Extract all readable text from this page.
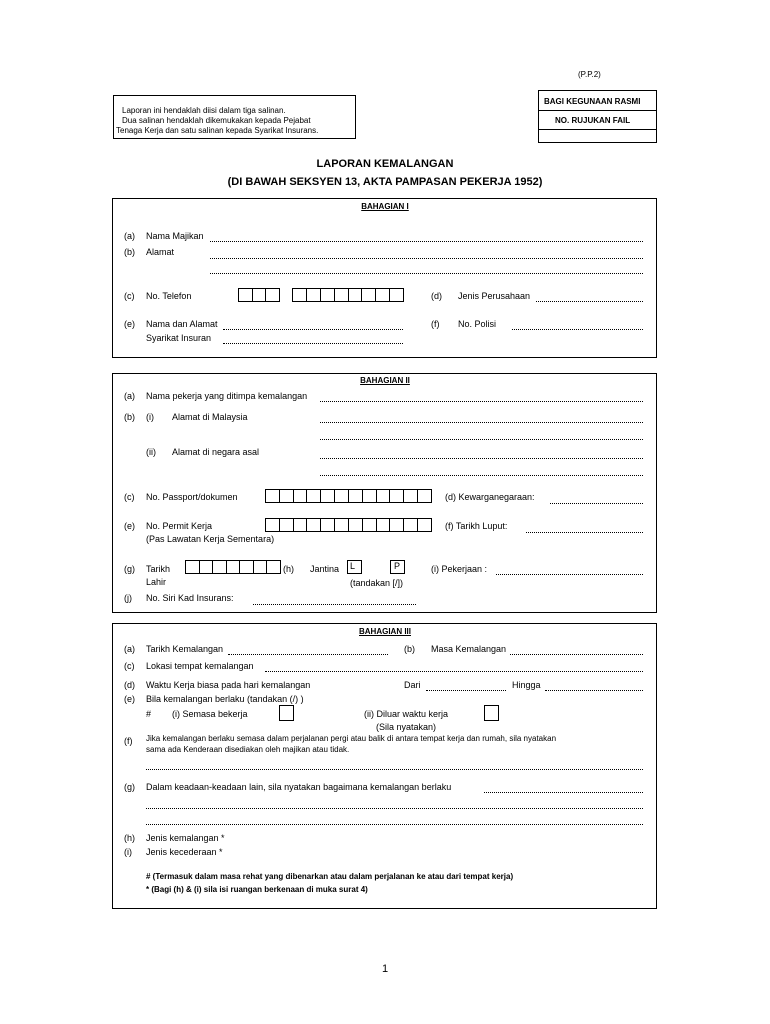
(P.P.2)
Laporan ini hendaklah diisi dalam tiga salinan.
Dua salinan hendaklah dikemukakan kepada Pejabat
Tenaga Kerja dan satu salinan kepada Syarikat Insurans.
BAGI KEGUNAAN RASMI
NO. RUJUKAN FAIL
LAPORAN KEMALANGAN
(DI BAWAH SEKSYEN 13, AKTA PAMPASAN PEKERJA 1952)
BAHAGIAN I
(a) Nama Majikan
(b) Alamat
(c) No. Telefon	(d) Jenis Perusahaan
(e) Nama dan Alamat
Syarikat Insuran
(f) No. Polisi
BAHAGIAN II
(a) Nama pekerja yang ditimpa kemalangan
(b) (i) Alamat di Malaysia
(ii) Alamat di negara asal
(c) No. Passport/dokumen	(d) Kewarganegaraan:
(e) No. Permit Kerja
(Pas Lawatan Kerja Sementara)
(f) Tarikh Luput:
(g) Tarikh
Lahir
(h) Jantina	L	P
(tandakan [/])
(i) Pekerjaan :
(j) No. Siri Kad Insurans:
BAHAGIAN III
(a) Tarikh Kemalangan	(b) Masa Kemalangan
(c) Lokasi tempat kemalangan
(d) Waktu Kerja biasa pada hari kemalangan	Dari	Hingga
(e) Bila kemalangan berlaku (tandakan (/) )
# (i) Semasa bekerja	(ii) Diluar waktu kerja
(Sila nyatakan)
(f) Jika kemalangan berlaku semasa dalam perjalanan pergi atau balik di antara tempat kerja dan rumah, sila nyatakan
sama ada Kenderaan disediakan oleh majikan atau tidak.
(g) Dalam keadaan-keadaan lain, sila nyatakan bagaimana kemalangan berlaku
(h) Jenis kemalangan *
(i) Jenis kecederaan *
# (Termasuk dalam masa rehat yang dibenarkan atau dalam perjalanan ke atau dari tempat kerja)
* (Bagi (h) & (i) sila isi ruangan berkenaan di muka surat 4)
1
